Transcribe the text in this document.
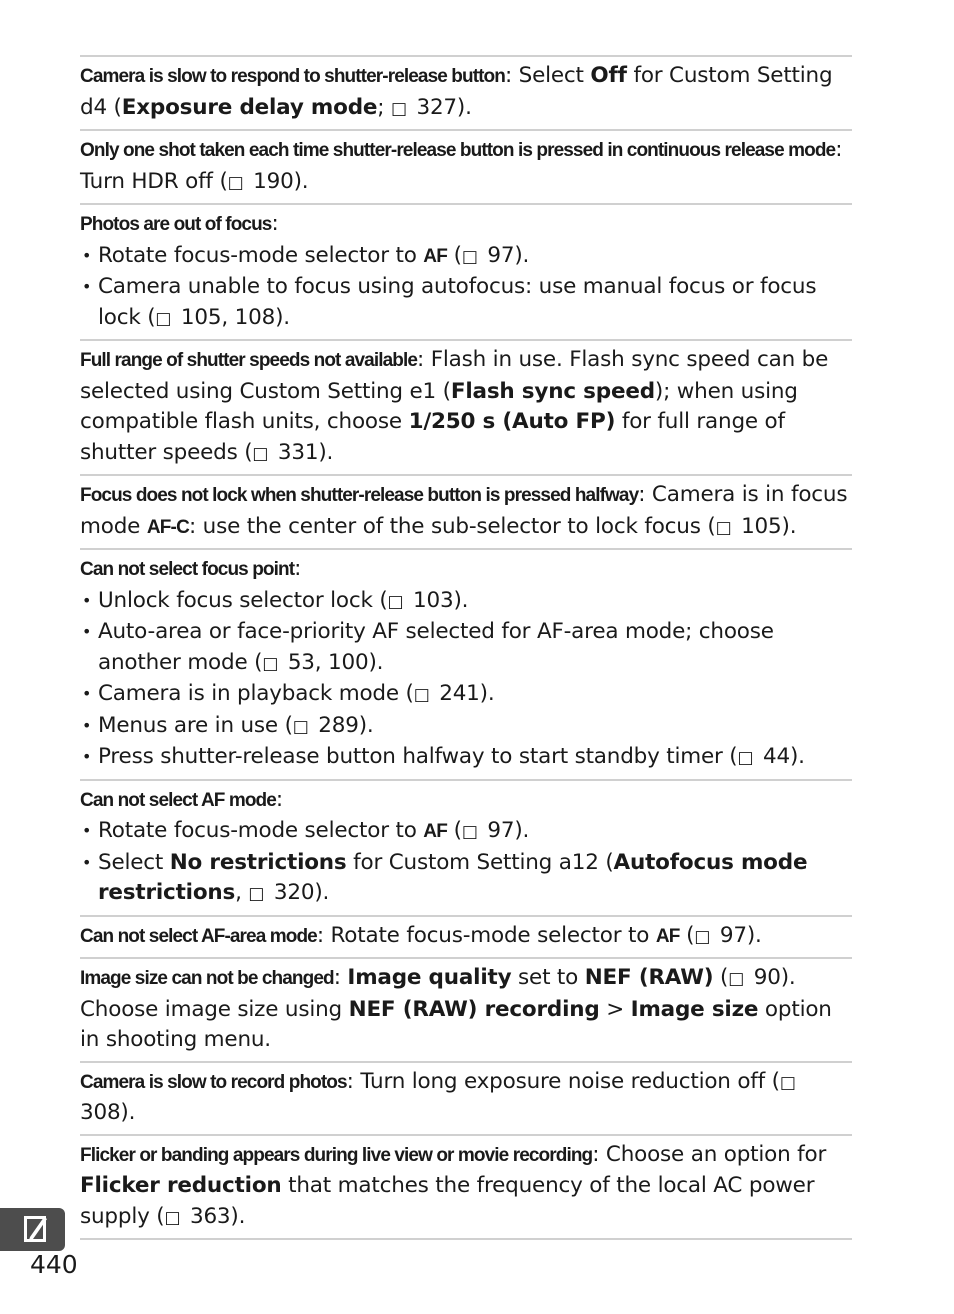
Camera is slow to respond to shutter-release button: Select Off for Custom Setting d4 (Exposure delay mode; □ 327).
Only one shot taken each time shutter-release button is pressed in continuous release mode: Turn HDR off (□ 190).
Photos are out of focus:
• Rotate focus-mode selector to AF (□ 97).
• Camera unable to focus using autofocus: use manual focus or focus lock (□ 105, 108).
Full range of shutter speeds not available: Flash in use. Flash sync speed can be selected using Custom Setting e1 (Flash sync speed); when using compatible flash units, choose 1/250 s (Auto FP) for full range of shutter speeds (□ 331).
Focus does not lock when shutter-release button is pressed halfway: Camera is in focus mode AF-C: use the center of the sub-selector to lock focus (□ 105).
Can not select focus point:
• Unlock focus selector lock (□ 103).
• Auto-area or face-priority AF selected for AF-area mode; choose another mode (□ 53, 100).
• Camera is in playback mode (□ 241).
• Menus are in use (□ 289).
• Press shutter-release button halfway to start standby timer (□ 44).
Can not select AF mode:
• Rotate focus-mode selector to AF (□ 97).
• Select No restrictions for Custom Setting a12 (Autofocus mode restrictions, □ 320).
Can not select AF-area mode: Rotate focus-mode selector to AF (□ 97).
Image size can not be changed: Image quality set to NEF (RAW) (□ 90). Choose image size using NEF (RAW) recording > Image size option in shooting menu.
Camera is slow to record photos: Turn long exposure noise reduction off (□ 308).
Flicker or banding appears during live view or movie recording: Choose an option for Flicker reduction that matches the frequency of the local AC power supply (□ 363).
440
